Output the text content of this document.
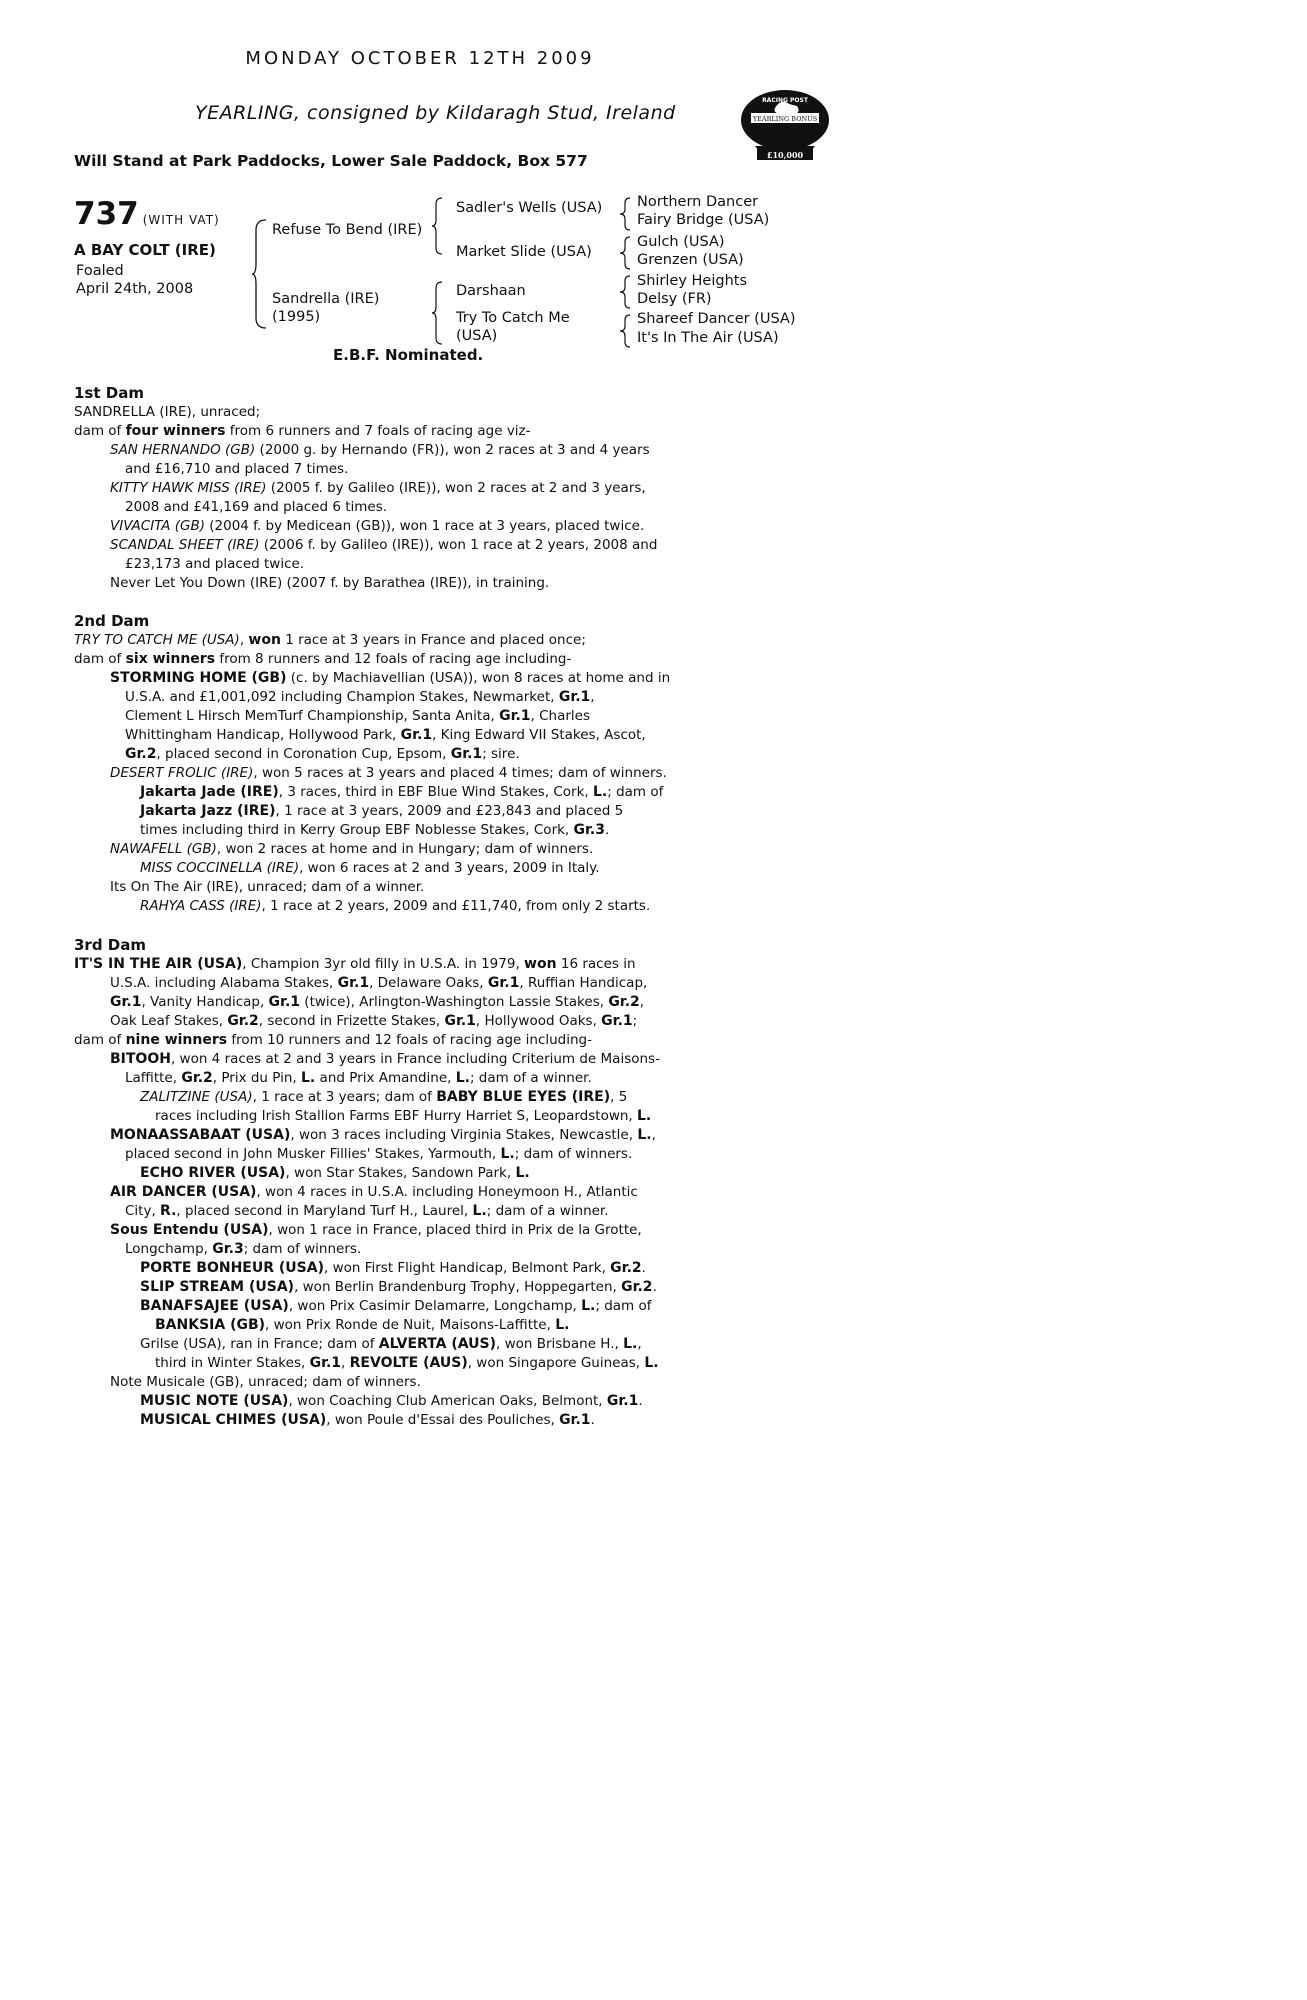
MONDAY OCTOBER 12TH 2009
YEARLING, consigned by Kildaragh Stud, Ireland
Will Stand at Park Paddocks, Lower Sale Paddock, Box 577
RACING POST
YEARLING BONUS
£10,000
737 (WITH VAT)
A BAY COLT (IRE)
Foaled
April 24th, 2008
Refuse To Bend (IRE)
Sandrella (IRE)
(1995)
Sadler's Wells (USA)
Market Slide (USA)
Darshaan
Try To Catch Me
(USA)
Northern Dancer
Fairy Bridge (USA)
Gulch (USA)
Grenzen (USA)
Shirley Heights
Delsy (FR)
Shareef Dancer (USA)
It's In The Air (USA)
E.B.F. Nominated.
1st Dam
SANDRELLA (IRE), unraced;
dam of four winners from 6 runners and 7 foals of racing age viz-
SAN HERNANDO (GB) (2000 g. by Hernando (FR)), won 2 races at 3 and 4 years
and £16,710 and placed 7 times.
KITTY HAWK MISS (IRE) (2005 f. by Galileo (IRE)), won 2 races at 2 and 3 years,
2008 and £41,169 and placed 6 times.
VIVACITA (GB) (2004 f. by Medicean (GB)), won 1 race at 3 years, placed twice.
SCANDAL SHEET (IRE) (2006 f. by Galileo (IRE)), won 1 race at 2 years, 2008 and
£23,173 and placed twice.
Never Let You Down (IRE) (2007 f. by Barathea (IRE)), in training.
2nd Dam
TRY TO CATCH ME (USA), won 1 race at 3 years in France and placed once;
dam of six winners from 8 runners and 12 foals of racing age including-
STORMING HOME (GB) (c. by Machiavellian (USA)), won 8 races at home and in
U.S.A. and £1,001,092 including Champion Stakes, Newmarket, Gr.1,
Clement L Hirsch MemTurf Championship, Santa Anita, Gr.1, Charles
Whittingham Handicap, Hollywood Park, Gr.1, King Edward VII Stakes, Ascot,
Gr.2, placed second in Coronation Cup, Epsom, Gr.1; sire.
DESERT FROLIC (IRE), won 5 races at 3 years and placed 4 times; dam of winners.
Jakarta Jade (IRE), 3 races, third in EBF Blue Wind Stakes, Cork, L.; dam of
Jakarta Jazz (IRE), 1 race at 3 years, 2009 and £23,843 and placed 5
times including third in Kerry Group EBF Noblesse Stakes, Cork, Gr.3.
NAWAFELL (GB), won 2 races at home and in Hungary; dam of winners.
MISS COCCINELLA (IRE), won 6 races at 2 and 3 years, 2009 in Italy.
Its On The Air (IRE), unraced; dam of a winner.
RAHYA CASS (IRE), 1 race at 2 years, 2009 and £11,740, from only 2 starts.
3rd Dam
IT'S IN THE AIR (USA), Champion 3yr old filly in U.S.A. in 1979, won 16 races in
U.S.A. including Alabama Stakes, Gr.1, Delaware Oaks, Gr.1, Ruffian Handicap,
Gr.1, Vanity Handicap, Gr.1 (twice), Arlington-Washington Lassie Stakes, Gr.2,
Oak Leaf Stakes, Gr.2, second in Frizette Stakes, Gr.1, Hollywood Oaks, Gr.1;
dam of nine winners from 10 runners and 12 foals of racing age including-
BITOOH, won 4 races at 2 and 3 years in France including Criterium de Maisons-
Laffitte, Gr.2, Prix du Pin, L. and Prix Amandine, L.; dam of a winner.
ZALITZINE (USA), 1 race at 3 years; dam of BABY BLUE EYES (IRE), 5
races including Irish Stallion Farms EBF Hurry Harriet S, Leopardstown, L.
MONAASSABAAT (USA), won 3 races including Virginia Stakes, Newcastle, L.,
placed second in John Musker Fillies' Stakes, Yarmouth, L.; dam of winners.
ECHO RIVER (USA), won Star Stakes, Sandown Park, L.
AIR DANCER (USA), won 4 races in U.S.A. including Honeymoon H., Atlantic
City, R., placed second in Maryland Turf H., Laurel, L.; dam of a winner.
Sous Entendu (USA), won 1 race in France, placed third in Prix de la Grotte,
Longchamp, Gr.3; dam of winners.
PORTE BONHEUR (USA), won First Flight Handicap, Belmont Park, Gr.2.
SLIP STREAM (USA), won Berlin Brandenburg Trophy, Hoppegarten, Gr.2.
BANAFSAJEE (USA), won Prix Casimir Delamarre, Longchamp, L.; dam of
BANKSIA (GB), won Prix Ronde de Nuit, Maisons-Laffitte, L.
Grilse (USA), ran in France; dam of ALVERTA (AUS), won Brisbane H., L.,
third in Winter Stakes, Gr.1, REVOLTE (AUS), won Singapore Guineas, L.
Note Musicale (GB), unraced; dam of winners.
MUSIC NOTE (USA), won Coaching Club American Oaks, Belmont, Gr.1.
MUSICAL CHIMES (USA), won Poule d'Essai des Pouliches, Gr.1.
